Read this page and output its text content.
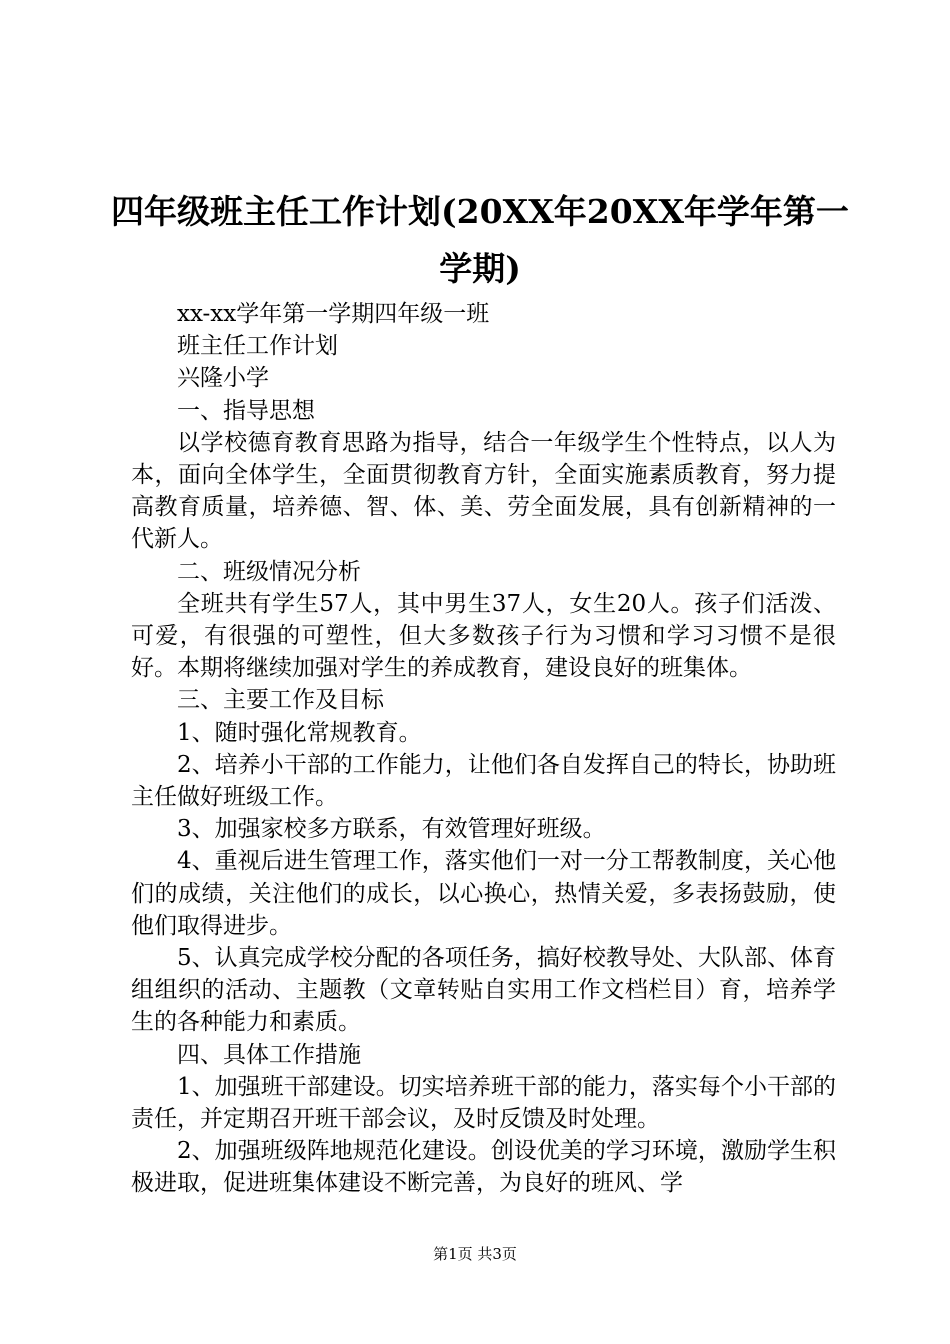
四年级班主任工作计划(20XX年20XX年学年第一学期)

xx-xx学年第一学期四年级一班

班主任工作计划

兴隆小学

一、指导思想

以学校德育教育思路为指导，结合一年级学生个性特点，以人为本，面向全体学生，全面贯彻教育方针，全面实施素质教育，努力提高教育质量，培养德、智、体、美、劳全面发展，具有创新精神的一代新人。

二、班级情况分析

全班共有学生57人，其中男生37人，女生20人。孩子们活泼、可爱，有很强的可塑性，但大多数孩子行为习惯和学习习惯不是很好。本期将继续加强对学生的养成教育，建设良好的班集体。

三、主要工作及目标

1、随时强化常规教育。

2、培养小干部的工作能力，让他们各自发挥自己的特长，协助班主任做好班级工作。

3、加强家校多方联系，有效管理好班级。

4、重视后进生管理工作，落实他们一对一分工帮教制度，关心他们的成绩，关注他们的成长，以心换心，热情关爱，多表扬鼓励，使他们取得进步。

5、认真完成学校分配的各项任务，搞好校教导处、大队部、体育组组织的活动、主题教（文章转贴自实用工作文档栏目）育，培养学生的各种能力和素质。

四、具体工作措施

1、加强班干部建设。切实培养班干部的能力，落实每个小干部的责任，并定期召开班干部会议，及时反馈及时处理。

2、加强班级阵地规范化建设。创设优美的学习环境，激励学生积极进取，促进班集体建设不断完善，为良好的班风、学

第1页 共3页
